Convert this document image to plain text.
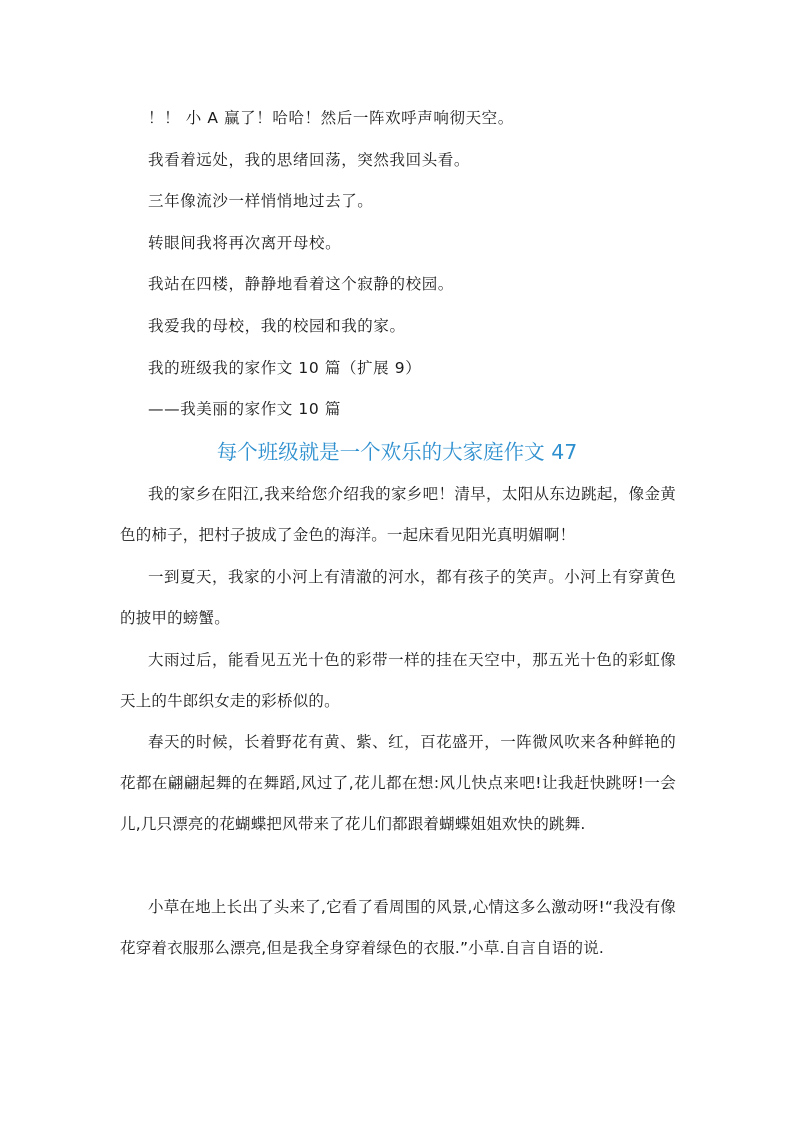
！！ 小 A 赢了！哈哈！然后一阵欢呼声响彻天空。
我看着远处，我的思绪回荡，突然我回头看。
三年像流沙一样悄悄地过去了。
转眼间我将再次离开母校。
我站在四楼，静静地看着这个寂静的校园。
我爱我的母校，我的校园和我的家。
我的班级我的家作文 10 篇（扩展 9）
——我美丽的家作文 10 篇
每个班级就是一个欢乐的大家庭作文 47

我的家乡在阳江,我来给您介绍我的家乡吧！清早，太阳从东边跳起，像金黄色的柿子，把村子披成了金色的海洋。一起床看见阳光真明媚啊！

一到夏天，我家的小河上有清澈的河水，都有孩子的笑声。小河上有穿黄色的披甲的螃蟹。

大雨过后，能看见五光十色的彩带一样的挂在天空中，那五光十色的彩虹像天上的牛郎织女走的彩桥似的。

春天的时候，长着野花有黄、紫、红，百花盛开，一阵微风吹来各种鲜艳的花都在翩翩起舞的在舞蹈,风过了,花儿都在想:风儿快点来吧!让我赶快跳呀!一会儿,几只漂亮的花蝴蝶把风带来了花儿们都跟着蝴蝶姐姐欢快的跳舞.

小草在地上长出了头来了,它看了看周围的风景,心情这多么激动呀!“我没有像花穿着衣服那么漂亮,但是我全身穿着绿色的衣服.”小草.自言自语的说.
